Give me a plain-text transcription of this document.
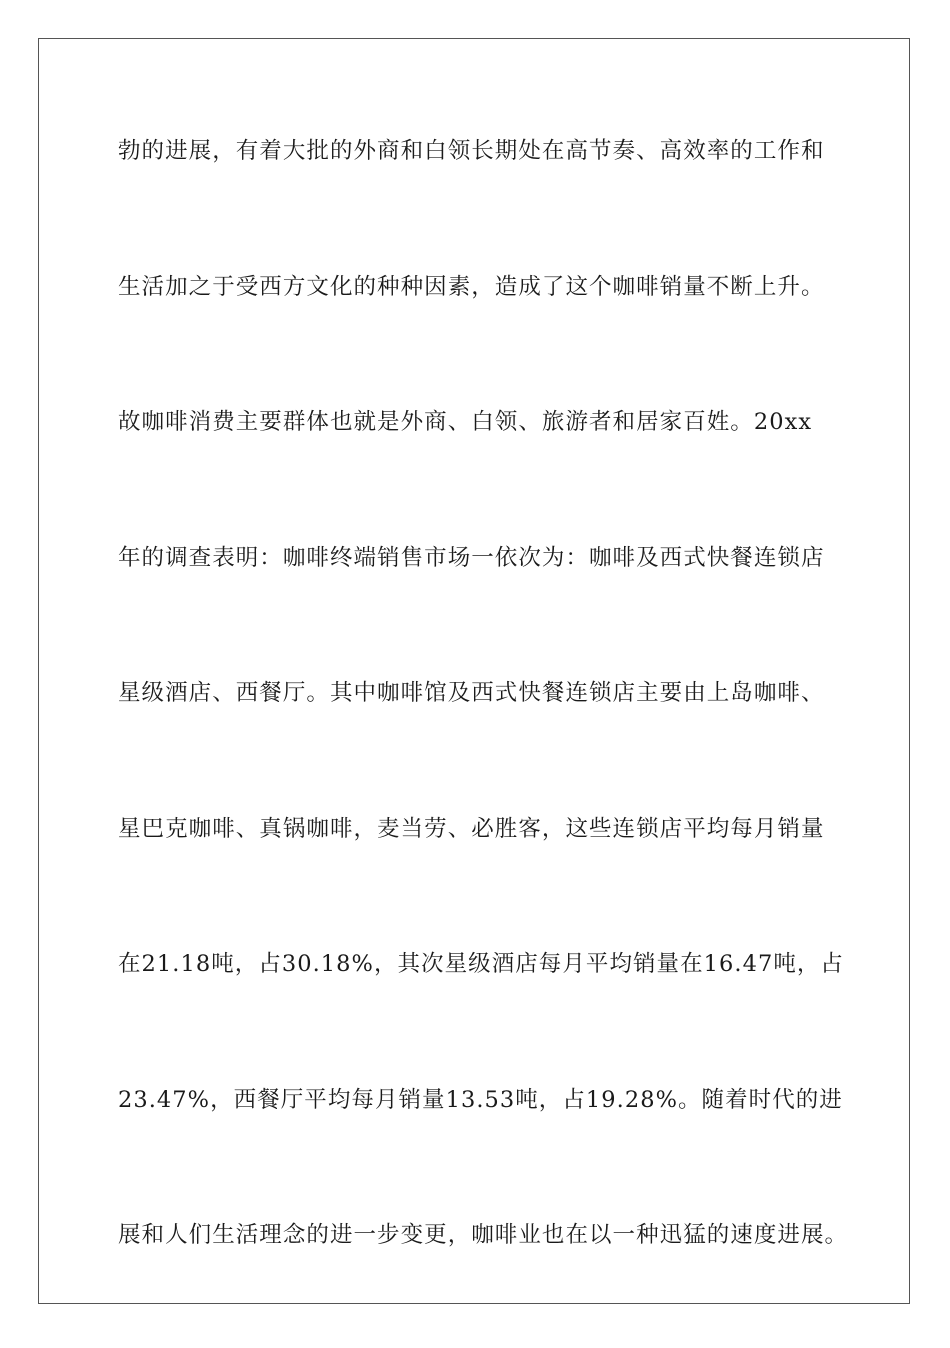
勃的进展，有着大批的外商和白领长期处在高节奏、高效率的工作和
生活加之于受西方文化的种种因素，造成了这个咖啡销量不断上升。
故咖啡消费主要群体也就是外商、白领、旅游者和居家百姓。20xx
年的调查表明：咖啡终端销售市场一依次为：咖啡及西式快餐连锁店
星级酒店、西餐厅。其中咖啡馆及西式快餐连锁店主要由上岛咖啡、
星巴克咖啡、真锅咖啡，麦当劳、必胜客，这些连锁店平均每月销量
在21.18吨，占30.18%，其次星级酒店每月平均销量在16.47吨，占
23.47%，西餐厅平均每月销量13.53吨，占19.28%。随着时代的进
展和人们生活理念的进一步变更，咖啡业也在以一种迅猛的速度进展。
